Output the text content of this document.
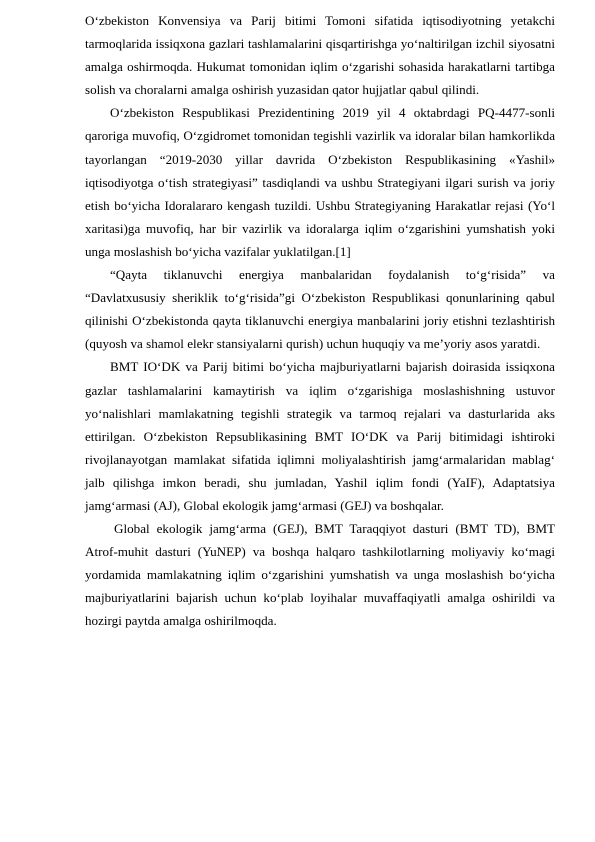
O‘zbekiston Konvensiya va Parij bitimi Tomoni sifatida iqtisodiyotning yetakchi tarmoqlarida issiqxona gazlari tashlamalarini qisqartirishga yo‘naltirilgan izchil siyosatni amalga oshirmoqda. Hukumat tomonidan iqlim o‘zgarishi sohasida harakatlarni tartibga solish va choralarni amalga oshirish yuzasidan qator hujjatlar qabul qilindi.

O‘zbekiston Respublikasi Prezidentining 2019 yil 4 oktabrdagi PQ-4477-sonli qaroriga muvofiq, O‘zgidromet tomonidan tegishli vazirlik va idoralar bilan hamkorlikda tayorlangan “2019-2030 yillar davrida O‘zbekiston Respublikasining «Yashil» iqtisodiyotga o‘tish strategiyasi” tasdiqlandi va ushbu Strategiyani ilgari surish va joriy etish bo‘yicha Idoralararo kengash tuzildi. Ushbu Strategiyaning Harakatlar rejasi (Yo‘l xaritasi)ga muvofiq, har bir vazirlik va idoralarga iqlim o‘zgarishini yumshatish yoki unga moslashish bo‘yicha vazifalar yuklatilgan.[1]

“Qayta tiklanuvchi energiya manbalaridan foydalanish to‘g‘risida” va “Davlatxususiy sheriklik to‘g‘risida”gi O‘zbekiston Respublikasi qonunlarining qabul qilinishi O‘zbekistonda qayta tiklanuvchi energiya manbalarini joriy etishni tezlashtirish (quyosh va shamol elekr stansiyalarni qurish) uchun huquqiy va me’yoriy asos yaratdi.

BMT IO‘DK va Parij bitimi bo‘yicha majburiyatlarni bajarish doirasida issiqxona gazlar tashlamalarini kamaytirish va iqlim o‘zgarishiga moslashishning ustuvor yo‘nalishlari mamlakatning tegishli strategik va tarmoq rejalari va dasturlarida aks ettirilgan. O‘zbekiston Repsublikasining BMT IO‘DK va Parij bitimidagi ishtiroki rivojlanayotgan mamlakat sifatida iqlimni moliyalashtirish jamg‘armalaridan mablag‘ jalb qilishga imkon beradi, shu jumladan, Yashil iqlim fondi (YaIF), Adaptatsiya jamg‘armasi (AJ), Global ekologik jamg‘armasi (GEJ) va boshqalar.

Global ekologik jamg‘arma (GEJ), BMT Taraqqiyot dasturi (BMT TD), BMT Atrof-muhit dasturi (YuNEP) va boshqa halqaro tashkilotlarning moliyaviy ko‘magi yordamida mamlakatning iqlim o‘zgarishini yumshatish va unga moslashish bo‘yicha majburiyatlarini bajarish uchun ko‘plab loyihalar muvaffaqiyatli amalga oshirildi va hozirgi paytda amalga oshirilmoqda.
